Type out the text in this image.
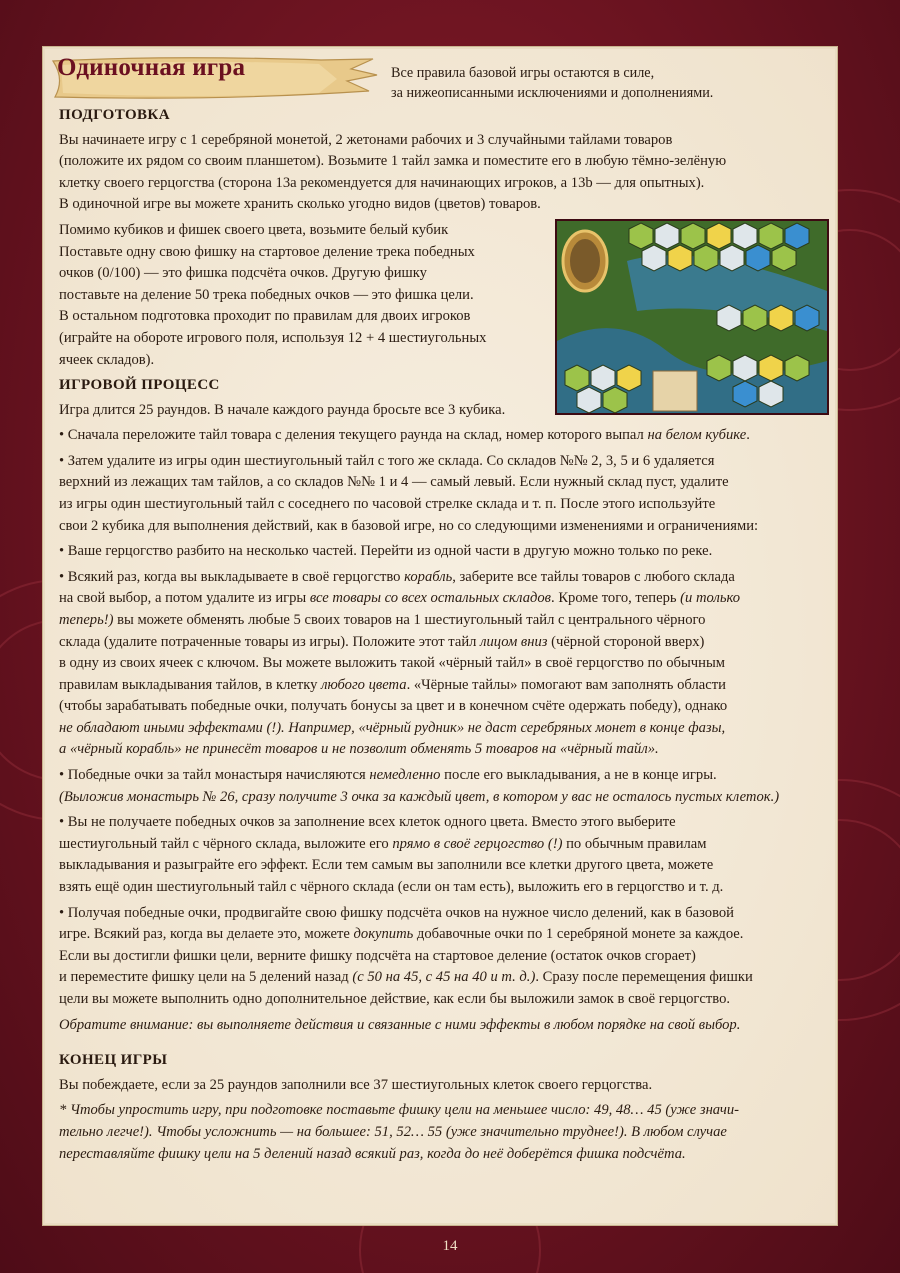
Одиночная игра	Все правила базовой игры остаются в силе,
за нижеописанными исключениями и дополнениями.
ПОДГОТОВКА
Вы начинаете игру с 1 серебряной монетой, 2 жетонами рабочих и 3 случайными тайлами товаров
(положите их рядом со своим планшетом). Возьмите 1 тайл замка и поместите его в любую тёмно-зелёную
клетку своего герцогства (сторона 13a рекомендуется для начинающих игроков, а 13b — для опытных).
В одиночной игре вы можете хранить сколько угодно видов (цветов) товаров.
Помимо кубиков и фишек своего цвета, возьмите белый кубик
Поставьте одну свою фишку на стартовое деление трека победных
очков (0/100) — это фишка подсчёта очков. Другую фишку
поставьте на деление 50 трека победных очков — это фишка цели.
В остальном подготовка проходит по правилам для двоих игроков
(играйте на обороте игрового поля, используя 12 + 4 шестиугольных
ячеек складов).
ИГРОВОЙ ПРОЦЕСС
Игра длится 25 раундов. В начале каждого раунда бросьте все 3 кубика.
• Сначала переложите тайл товара с деления текущего раунда на склад, номер которого выпал на белом кубике.
• Затем удалите из игры один шестиугольный тайл с того же склада. Со складов №№ 2, 3, 5 и 6 удаляется
верхний из лежащих там тайлов, а со складов №№ 1 и 4 — самый левый. Если нужный склад пуст, удалите
из игры один шестиугольный тайл с соседнего по часовой стрелке склада и т. п. После этого используйте
свои 2 кубика для выполнения действий, как в базовой игре, но со следующими изменениями и ограничениями:
• Ваше герцогство разбито на несколько частей. Перейти из одной части в другую можно только по реке.
• Всякий раз, когда вы выкладываете в своё герцогство корабль, заберите все тайлы товаров с любого склада
на свой выбор, а потом удалите из игры все товары со всех остальных складов. Кроме того, теперь (и только
теперь!) вы можете обменять любые 5 своих товаров на 1 шестиугольный тайл с центрального чёрного
склада (удалите потраченные товары из игры). Положите этот тайл лицом вниз (чёрной стороной вверх)
в одну из своих ячеек с ключом. Вы можете выложить такой «чёрный тайл» в своё герцогство по обычным
правилам выкладывания тайлов, в клетку любого цвета. «Чёрные тайлы» помогают вам заполнять области
(чтобы зарабатывать победные очки, получать бонусы за цвет и в конечном счёте одержать победу), однако
не обладают иными эффектами (!). Например, «чёрный рудник» не даст серебряных монет в конце фазы,
а «чёрный корабль» не принесёт товаров и не позволит обменять 5 товаров на «чёрный тайл».
• Победные очки за тайл монастыря начисляются немедленно после его выкладывания, а не в конце игры.
(Выложив монастырь № 26, сразу получите 3 очка за каждый цвет, в котором у вас не осталось пустых клеток.)
• Вы не получаете победных очков за заполнение всех клеток одного цвета. Вместо этого выберите
шестиугольный тайл с чёрного склада, выложите его прямо в своё герцогство (!) по обычным правилам
выкладывания и разыграйте его эффект. Если тем самым вы заполнили все клетки другого цвета, можете
взять ещё один шестиугольный тайл с чёрного склада (если он там есть), выложить его в герцогство и т. д.
• Получая победные очки, продвигайте свою фишку подсчёта очков на нужное число делений, как в базовой
игре. Всякий раз, когда вы делаете это, можете докупить добавочные очки по 1 серебряной монете за каждое.
Если вы достигли фишки цели, верните фишку подсчёта на стартовое деление (остаток очков сгорает)
и переместите фишку цели на 5 делений назад (с 50 на 45, с 45 на 40 и т. д.). Сразу после перемещения фишки
цели вы можете выполнить одно дополнительное действие, как если бы выложили замок в своё герцогство.
Обратите внимание: вы выполняете действия и связанные с ними эффекты в любом порядке на свой выбор.
КОНЕЦ ИГРЫ
Вы побеждаете, если за 25 раундов заполнили все 37 шестиугольных клеток своего герцогства.
* Чтобы упростить игру, при подготовке поставьте фишку цели на меньшее число: 49, 48… 45 (уже значи-
тельно легче!). Чтобы усложнить — на большее: 51, 52… 55 (уже значительно труднее!). В любом случае
переставляйте фишку цели на 5 делений назад всякий раз, когда до неё доберётся фишка подсчёта.
14
